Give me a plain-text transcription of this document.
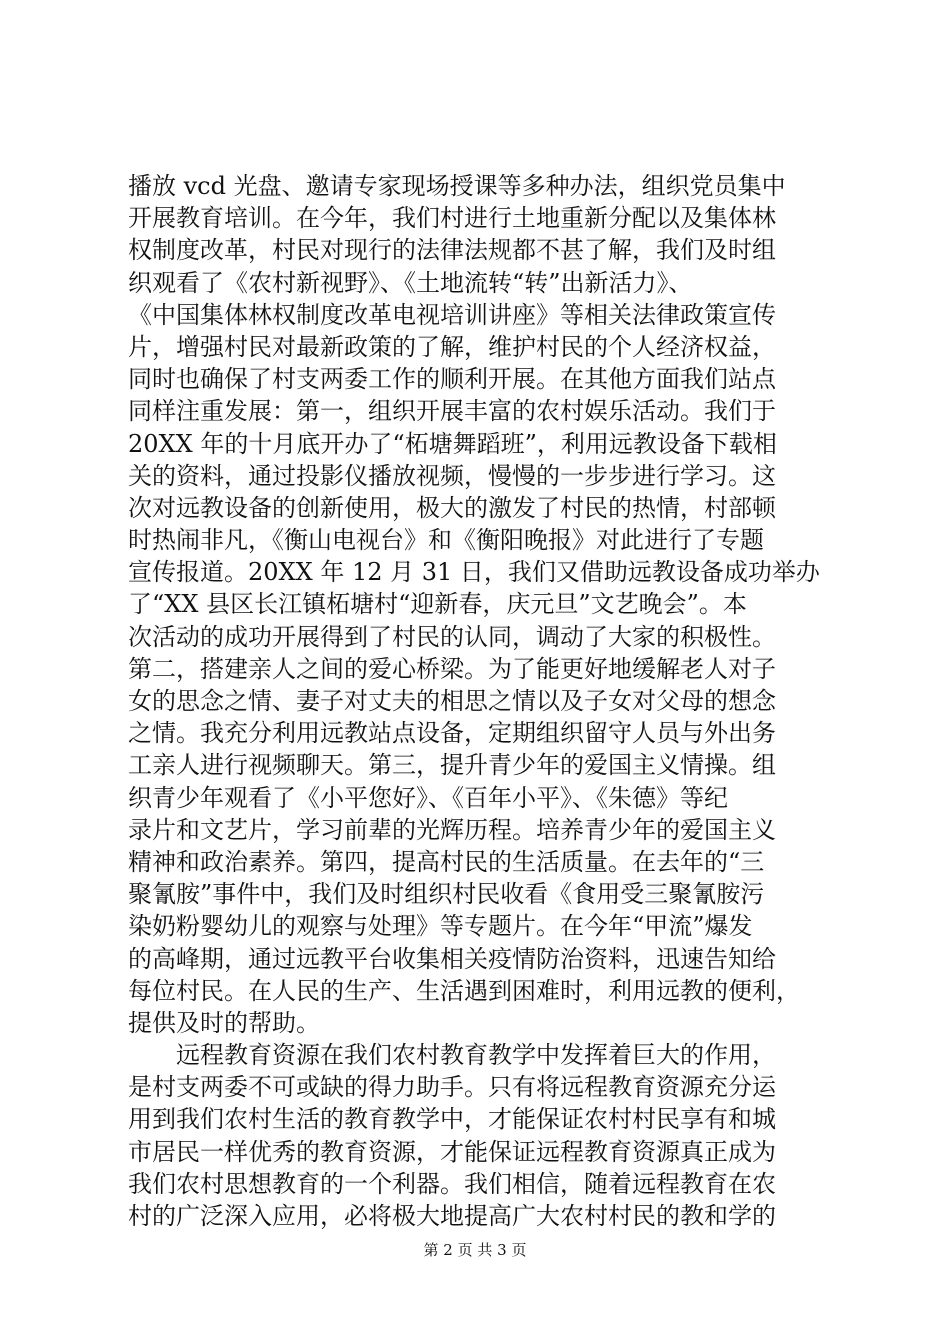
播放 vcd 光盘、邀请专家现场授课等多种办法，组织党员集中
开展教育培训。在今年，我们村进行土地重新分配以及集体林
权制度改革，村民对现行的法律法规都不甚了解，我们及时组
织观看了《农村新视野》、《土地流转“转”出新活力》、
《中国集体林权制度改革电视培训讲座》等相关法律政策宣传
片，增强村民对最新政策的了解，维护村民的个人经济权益，
同时也确保了村支两委工作的顺利开展。在其他方面我们站点
同样注重发展：第一，组织开展丰富的农村娱乐活动。我们于
20XX 年的十月底开办了“柘塘舞蹈班”，利用远教设备下载相
关的资料，通过投影仪播放视频，慢慢的一步步进行学习。这
次对远教设备的创新使用，极大的激发了村民的热情，村部顿
时热闹非凡，《衡山电视台》和《衡阳晚报》对此进行了专题
宣传报道。20XX 年 12 月 31 日，我们又借助远教设备成功举办
了“XX 县区长江镇柘塘村“迎新春，庆元旦”文艺晚会”。本
次活动的成功开展得到了村民的认同，调动了大家的积极性。
第二，搭建亲人之间的爱心桥梁。为了能更好地缓解老人对子
女的思念之情、妻子对丈夫的相思之情以及子女对父母的想念
之情。我充分利用远教站点设备，定期组织留守人员与外出务
工亲人进行视频聊天。第三，提升青少年的爱国主义情操。组
织青少年观看了《小平您好》、《百年小平》、《朱德》等纪
录片和文艺片，学习前辈的光辉历程。培养青少年的爱国主义
精神和政治素养。第四，提高村民的生活质量。在去年的“三
聚氰胺”事件中，我们及时组织村民收看《食用受三聚氰胺污
染奶粉婴幼儿的观察与处理》等专题片。在今年“甲流”爆发
的高峰期，通过远教平台收集相关疫情防治资料，迅速告知给
每位村民。在人民的生产、生活遇到困难时，利用远教的便利，
提供及时的帮助。
　　远程教育资源在我们农村教育教学中发挥着巨大的作用，
是村支两委不可或缺的得力助手。只有将远程教育资源充分运
用到我们农村生活的教育教学中，才能保证农村村民享有和城
市居民一样优秀的教育资源，才能保证远程教育资源真正成为
我们农村思想教育的一个利器。我们相信，随着远程教育在农
村的广泛深入应用，必将极大地提高广大农村村民的教和学的
第 2 页 共 3 页
